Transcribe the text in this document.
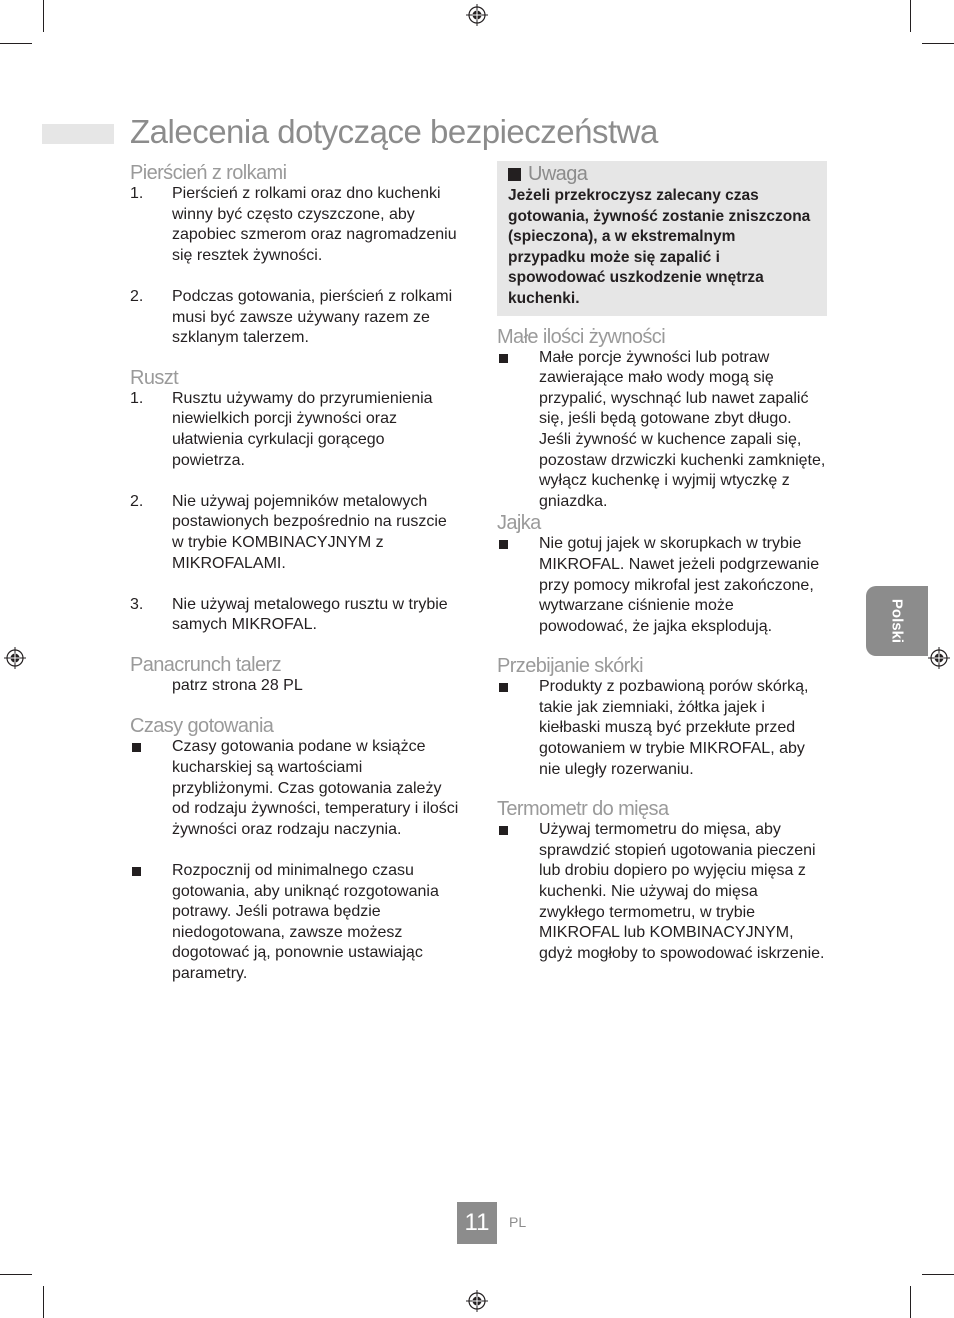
Zalecenia dotyczące bezpieczeństwa
Pierścień z rolkami
1. Pierścień z rolkami oraz dno kuchenki winny być często czyszczone, aby zapobiec szmerom oraz nagromadzeniu się resztek żywności.
2. Podczas gotowania, pierścień z rolkami musi być zawsze używany razem ze szklanym talerzem.
Ruszt
1. Rusztu używamy do przyrumienienia niewielkich porcji żywności oraz ułatwienia cyrkulacji gorącego powietrza.
2. Nie używaj pojemników metalowych postawionych bezpośrednio na ruszcie w trybie KOMBINACYJNYM z MIKROFALAMI.
3. Nie używaj metalowego rusztu w trybie samych MIKROFAL.
Panacrunch talerz
patrz strona 28 PL
Czasy gotowania
Czasy gotowania podane w książce kucharskiej są wartościami przybliżonymi. Czas gotowania zależy od rodzaju żywności, temperatury i ilości żywności oraz rodzaju naczynia.
Rozpocznij od minimalnego czasu gotowania, aby uniknąć rozgotowania potrawy. Jeśli potrawa będzie niedogotowana, zawsze możesz dogotować ją, ponownie ustawiając parametry.
Uwaga
Jeżeli przekroczysz zalecany czas gotowania, żywność zostanie zniszczona (spieczona), a w ekstremalnym przypadku może się zapalić i spowodować uszkodzenie wnętrza kuchenki.
Małe ilości żywności
Małe porcje żywności lub potraw zawierające mało wody mogą się przypalić, wyschnąć lub nawet zapalić się, jeśli będą gotowane zbyt długo. Jeśli żywność w kuchence zapali się, pozostaw drzwiczki kuchenki zamknięte, wyłącz kuchenkę i wyjmij wtyczkę z gniazdka.
Jajka
Nie gotuj jajek w skorupkach w trybie MIKROFAL. Nawet jeżeli podgrzewanie przy pomocy mikrofal jest zakończone, wytwarzane ciśnienie może powodować, że jajka eksplodują.
Przebijanie skórki
Produkty z pozbawioną porów skórką, takie jak ziemniaki, żółtka jajek i kiełbaski muszą być przekłute przed gotowaniem w trybie MIKROFAL, aby nie uległy rozerwaniu.
Termometr do mięsa
Używaj termometru do mięsa, aby sprawdzić stopień ugotowania pieczeni lub drobiu dopiero po wyjęciu mięsa z kuchenki. Nie używaj do mięsa zwykłego termometru, w trybie MIKROFAL lub KOMBINACYJNYM, gdyż mogłoby to spowodować iskrzenie.
Polski
11	PL
